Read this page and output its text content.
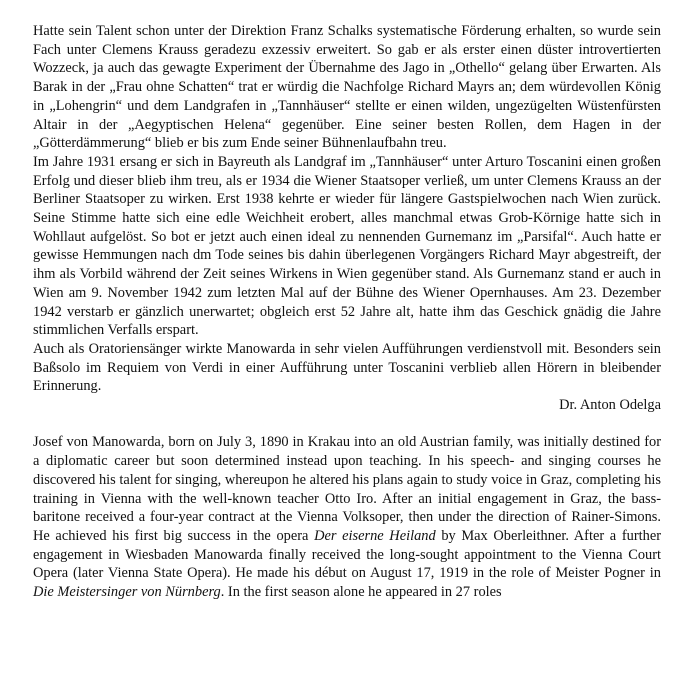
Hatte sein Talent schon unter der Direktion Franz Schalks systematische Förderung erhalten, so wurde sein Fach unter Clemens Krauss geradezu exzessiv erweitert. So gab er als erster einen düster introvertierten Wozzeck, ja auch das gewagte Experiment der Übernahme des Jago in „Othello“ gelang über Erwarten. Als Barak in der „Frau ohne Schatten“ trat er würdig die Nachfolge Richard Mayrs an; dem würdevollen König in „Lohengrin“ und dem Landgrafen in „Tannhäuser“ stellte er einen wilden, ungezügelten Wüstenfürsten Altair in der „Aegyptischen Helena“ gegenüber. Eine seiner besten Rollen, dem Hagen in der „Götterdämmerung“ blieb er bis zum Ende seiner Bühnenlaufbahn treu.

Im Jahre 1931 ersang er sich in Bayreuth als Landgraf im „Tannhäuser“ unter Arturo Toscanini einen großen Erfolg und dieser blieb ihm treu, als er 1934 die Wiener Staatsoper verließ, um unter Clemens Krauss an der Berliner Staatsoper zu wirken. Erst 1938 kehrte er wieder für längere Gastspielwochen nach Wien zurück. Seine Stimme hatte sich eine edle Weichheit erobert, alles manchmal etwas Grob-Körnige hatte sich in Wohllaut aufgelöst. So bot er jetzt auch einen ideal zu nennenden Gurnemanz im „Parsifal“. Auch hatte er gewisse Hemmungen nach dm Tode seines bis dahin überlegenen Vorgängers Richard Mayr abgestreift, der ihm als Vorbild während der Zeit seines Wirkens in Wien gegenüber stand. Als Gurnemanz stand er auch in Wien am 9. November 1942 zum letzten Mal auf der Bühne des Wiener Opernhauses. Am 23. Dezember 1942 verstarb er gänzlich unerwartet; obgleich erst 52 Jahre alt, hatte ihm das Geschick gnädig die Jahre stimmlichen Verfalls erspart.

Auch als Oratoriensänger wirkte Manowarda in sehr vielen Aufführungen verdienstvoll mit. Besonders sein Baßsolo im Requiem von Verdi in einer Aufführung unter Toscanini verblieb allen Hörern in bleibender Erinnerung.

Dr. Anton Odelga

Josef von Manowarda, born on July 3, 1890 in Krakau into an old Austrian family, was initially destined for a diplomatic career but soon determined instead upon teaching. In his speech- and singing courses he discovered his talent for singing, whereupon he altered his plans again to study voice in Graz, completing his training in Vienna with the well-known teacher Otto Iro. After an initial engagement in Graz, the bass-baritone received a four-year contract at the Vienna Volksoper, then under the direction of Rainer-Simons. He achieved his first big success in the opera Der eiserne Heiland by Max Oberleithner. After a further engagement in Wiesbaden Manowarda finally received the long-sought appointment to the Vienna Court Opera (later Vienna State Opera). He made his début on August 17, 1919 in the role of Meister Pogner in Die Meistersinger von Nürnberg. In the first season alone he appeared in 27 roles
